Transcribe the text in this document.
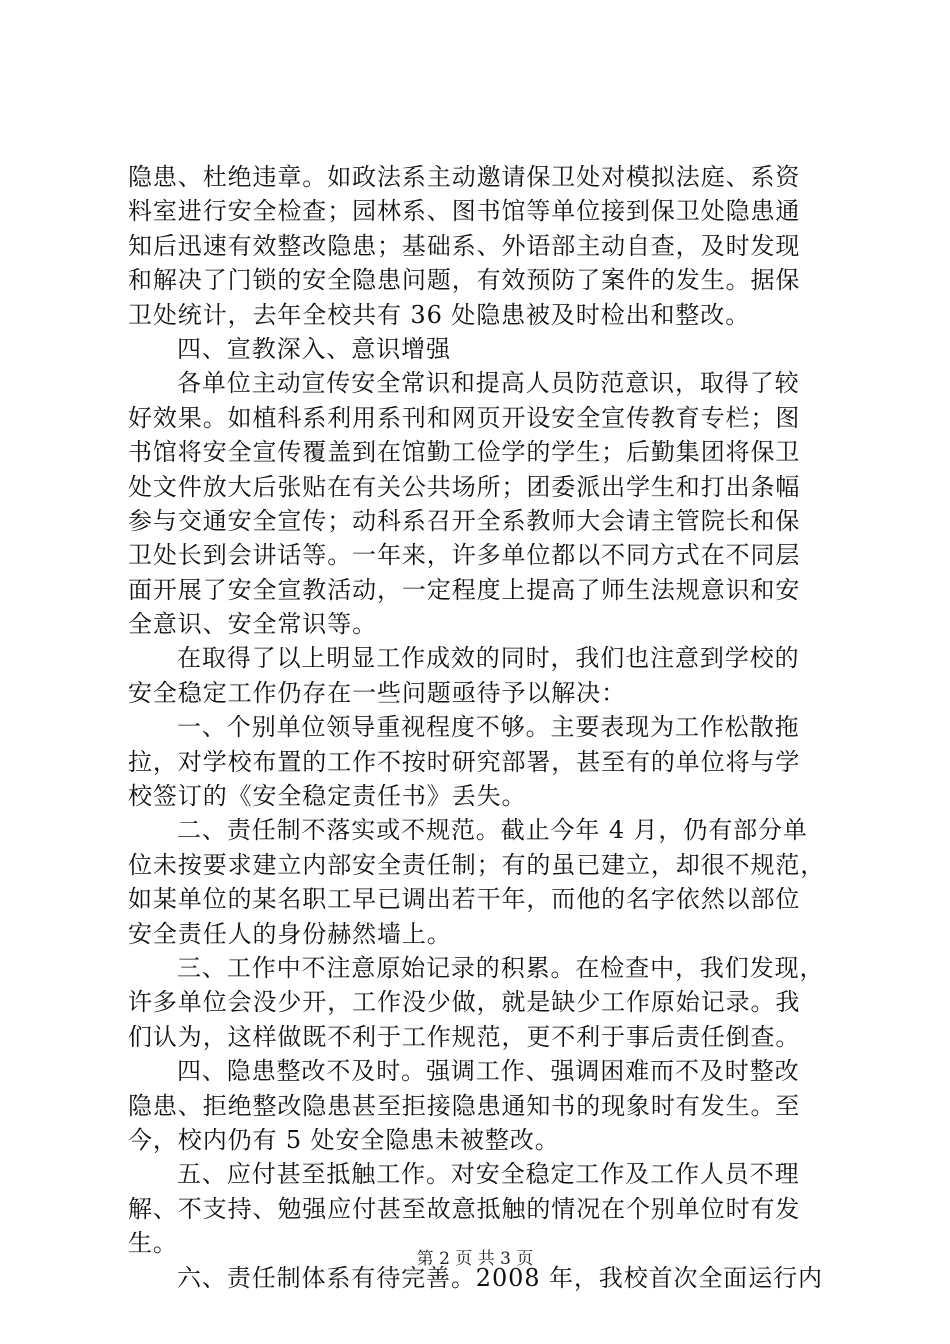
隐患、杜绝违章。如政法系主动邀请保卫处对模拟法庭、系资
料室进行安全检查；园林系、图书馆等单位接到保卫处隐患通
知后迅速有效整改隐患；基础系、外语部主动自查，及时发现
和解决了门锁的安全隐患问题，有效预防了案件的发生。据保
卫处统计，去年全校共有 36 处隐患被及时检出和整改。
四、宣教深入、意识增强
各单位主动宣传安全常识和提高人员防范意识，取得了较
好效果。如植科系利用系刊和网页开设安全宣传教育专栏；图
书馆将安全宣传覆盖到在馆勤工俭学的学生；后勤集团将保卫
处文件放大后张贴在有关公共场所；团委派出学生和打出条幅
参与交通安全宣传；动科系召开全系教师大会请主管院长和保
卫处长到会讲话等。一年来，许多单位都以不同方式在不同层
面开展了安全宣教活动，一定程度上提高了师生法规意识和安
全意识、安全常识等。
在取得了以上明显工作成效的同时，我们也注意到学校的
安全稳定工作仍存在一些问题亟待予以解决：
一、个别单位领导重视程度不够。主要表现为工作松散拖
拉，对学校布置的工作不按时研究部署，甚至有的单位将与学
校签订的《安全稳定责任书》丢失。
二、责任制不落实或不规范。截止今年 4 月，仍有部分单
位未按要求建立内部安全责任制；有的虽已建立，却很不规范，
如某单位的某名职工早已调出若干年，而他的名字依然以部位
安全责任人的身份赫然墙上。
三、工作中不注意原始记录的积累。在检查中，我们发现，
许多单位会没少开，工作没少做，就是缺少工作原始记录。我
们认为，这样做既不利于工作规范，更不利于事后责任倒查。
四、隐患整改不及时。强调工作、强调困难而不及时整改
隐患、拒绝整改隐患甚至拒接隐患通知书的现象时有发生。至
今，校内仍有 5 处安全隐患未被整改。
五、应付甚至抵触工作。对安全稳定工作及工作人员不理
解、不支持、勉强应付甚至故意抵触的情况在个别单位时有发
生。
六、责任制体系有待完善。2008 年，我校首次全面运行内
第 2 页 共 3 页
